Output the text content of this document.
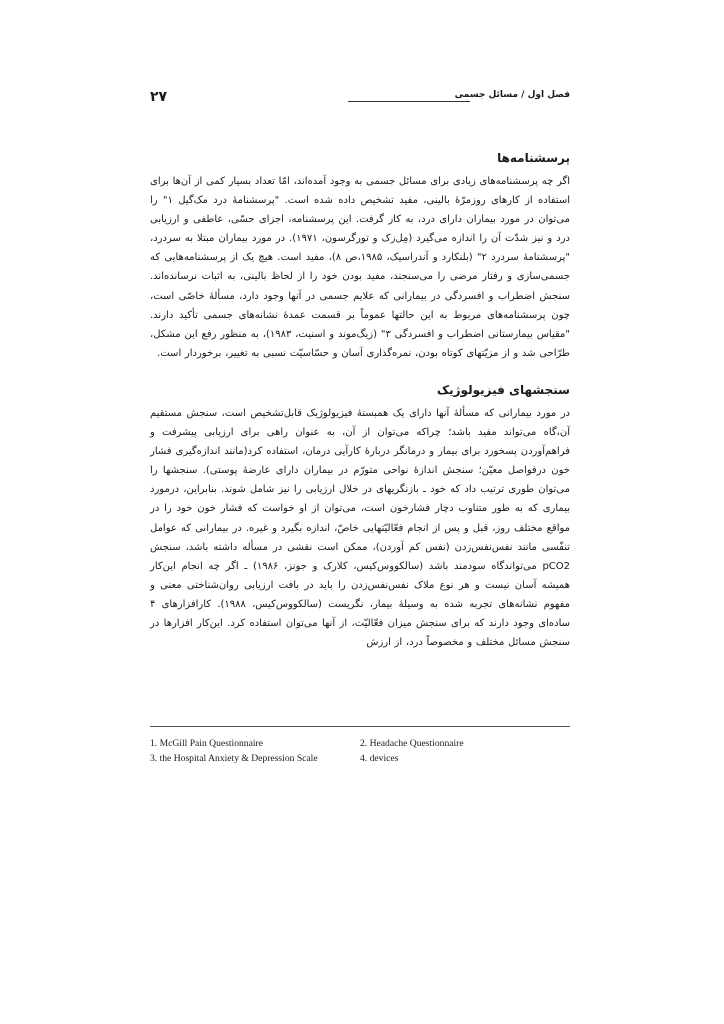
۲۷	فصل اول / مسائل جسمی
پرسشنامه‌ها

اگر چه پرسشنامه‌های زیادی برای مسائل جسمی به وجود آمده‌اند، امّا تعداد بسیار کمی از آن‌ها برای استفاده از کارهای روزمرّهٔ بالینی، مفید تشخیص داده شده است. "پرسشنامهٔ درد مک‌گیل ۱" را می‌توان در مورد بیماران دارای درد، به کار گرفت. این پرسشنامه، اجزای حسّی، عاطفی و ارزیابی درد و نیز شدّت آن را اندازه می‌گیرد (مِل‌زک و تورگرسون، ۱۹۷۱). در مورد بیماران مبتلا به سردرد، "پرسشنامهٔ سردرد ۲" (بلنکارد و آندراسیک، ۱۹۸۵،ص ۸)، مفید است. هیچ یک از پرسشنامه‌هایی که جسمی‌سازی و رفتار مرضی را می‌سنجند، مفید بودن خود را از لحاظ بالینی، به اثبات نرسانده‌اند. سنجش اضطراب و افسردگی در بیمارانی که علایم جسمی در آنها وجود دارد، مسألهٔ خاصّی است، چون پرسشنامه‌های مربوط به این حالتها عموماً بر قسمت عمدهٔ نشانه‌های جسمی تأکید دارند. "مقیاس بیمارستانی اضطراب و افسردگی ۳" (زیگ‌موند و اسنیت، ۱۹۸۳)، به منظور رفع این مشکل، طرّاحی شد و از مزیّتهای کوتاه بودن، نمره‌گذاری آسان و حسّاسیّت نسبی به تغییر، برخوردار است.

سنجشهای فیزیولوژیک

در مورد بیمارانی که مسألهٔ آنها دارای یک همبستهٔ فیزیولوژیک قابل‌تشخیص است، سنجش مستقیم آن،گاه می‌تواند مفید باشد؛ چراکه می‌توان از آن، به عنوان راهی برای ارزیابی پیشرفت و فراهم‌آوردن پسخورد برای بیمار و درمانگر دربارهٔ کارآیی درمان، استفاده کرد(مانند اندازه‌گیری فشار خون درفواصل معیّن؛ سنجش اندازهٔ نواحی متورّم در بیماران دارای عارضهٔ پوستی). سنجشها را می‌توان طوری ترتیب داد که خود ـ بازنگریهای در خلال ارزیابی را نیز شامل شوند. بنابراین، درمورد بیماری که به طور متناوب دچار فشارخون است، می‌توان از او خواست که فشار خون خود را در مواقع مختلف روز، قبل و پس از انجام فعّالیّتهایی خاصّ، اندازه بگیرد و غیره. در بیمارانی که عوامل تنفّسی مانند نفس‌نفس‌زدن (نفس کم آوردن)، ممکن است نقشی در مسأله داشته باشد، سنجش pCO2 می‌تواندگاه سودمند باشد (سالکووس‌کیس، کلارک و جونز، ۱۹۸۶) ـ اگر چه انجام این‌کار همیشه آسان نیست و هر نوع ملاک نفس‌نفس‌زدن را باید در بافت ارزیابی روان‌شناختی معنی و مفهوم نشانه‌های تجربه شده به وسیلهٔ بیمار، نگریست (سالکووس‌کیس، ۱۹۸۸). کارافزارهای ۴ ساده‌ای وجود دارند که برای سنجش میزان فعّالیّت، از آنها می‌توان استفاده کرد. این‌کار افزارها در سنجش مسائل مختلف و مخصوصاً درد، از ارزش

1. McGill Pain Questionnaire	2. Headache Questionnaire
3. the Hospital Anxiety & Depression Scale	4. devices
